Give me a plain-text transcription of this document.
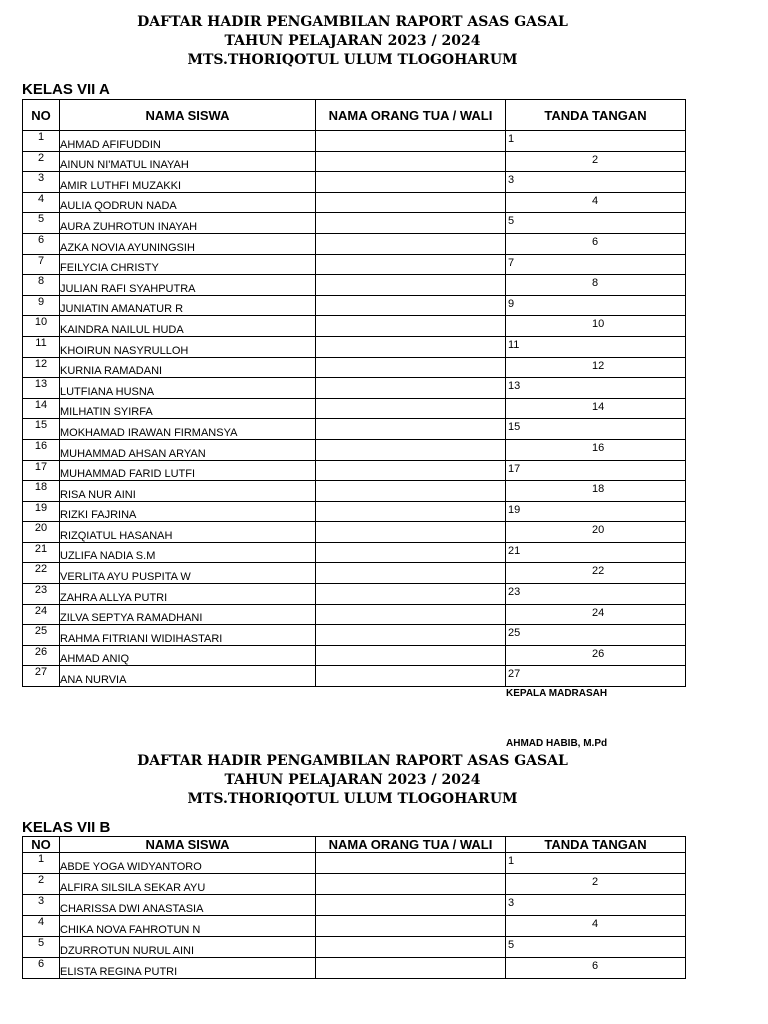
DAFTAR HADIR PENGAMBILAN RAPORT ASAS GASAL
TAHUN PELAJARAN 2023 / 2024
MTS.THORIQOTUL ULUM TLOGOHARUM
KELAS VII A
NO	NAMA SISWA	NAMA ORANG TUA / WALI	TANDA TANGAN
1	AHMAD AFIFUDDIN		1

2	AINUN NI'MATUL INAYAH		2

3	AMIR LUTHFI MUZAKKI		3

4	AULIA QODRUN NADA		4

5	AURA ZUHROTUN INAYAH		5

6	AZKA NOVIA AYUNINGSIH		6

7	FEILYCIA CHRISTY		7

8	JULIAN RAFI SYAHPUTRA		8

9	JUNIATIN AMANATUR R		9

10	KAINDRA NAILUL HUDA		10

11	KHOIRUN NASYRULLOH		11

12	KURNIA RAMADANI		12

13	LUTFIANA HUSNA		13

14	MILHATIN SYIRFA		14

15	MOKHAMAD IRAWAN FIRMANSYA		15

16	MUHAMMAD AHSAN ARYAN		16

17	MUHAMMAD FARID LUTFI		17

18	RISA NUR AINI		18

19	RIZKI FAJRINA		19

20	RIZQIATUL HASANAH		20

21	UZLIFA NADIA S.M		21

22	VERLITA AYU PUSPITA W		22

23	ZAHRA ALLYA PUTRI		23

24	ZILVA SEPTYA RAMADHANI		24

25	RAHMA FITRIANI WIDIHASTARI		25

26	AHMAD ANIQ		26

27	ANA NURVIA		27
KEPALA MADRASAH
AHMAD HABIB, M.Pd
DAFTAR HADIR PENGAMBILAN RAPORT ASAS GASAL
TAHUN PELAJARAN 2023 / 2024
MTS.THORIQOTUL ULUM TLOGOHARUM
KELAS VII B
NO	NAMA SISWA	NAMA ORANG TUA / WALI	TANDA TANGAN
1	ABDE YOGA WIDYANTORO		1

2	ALFIRA SILSILA SEKAR AYU		2

3	CHARISSA DWI ANASTASIA		3

4	CHIKA NOVA FAHROTUN N		4

5	DZURROTUN NURUL AINI		5

6	ELISTA REGINA PUTRI		6
